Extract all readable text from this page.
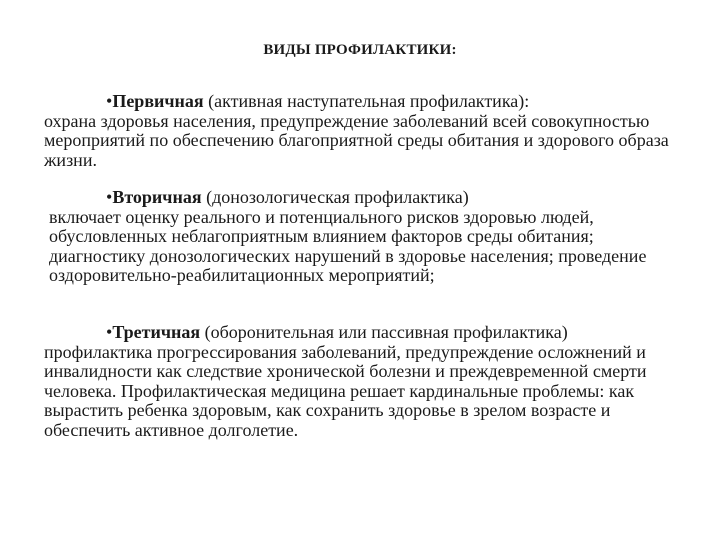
ВИДЫ ПРОФИЛАКТИКИ:
•Первичная (активная наступательная профилактика):

охрана здоровья населения, предупреждение заболеваний всей совокупностью мероприятий по обеспечению благоприятной среды обитания и здорового образа жизни.

•Вторичная (донозологическая профилактика)

включает оценку реального и потенциального рисков здоровью людей, обусловленных неблагоприятным влиянием факторов среды обитания; диагностику донозологических нарушений в здоровье населения; проведение оздоровительно-реабилитационных мероприятий;

•Третичная (оборонительная или пассивная профилактика)

профилактика прогрессирования заболеваний, предупреждение осложнений и инвалидности как следствие хронической болезни и преждевременной смерти человека. Профилактическая медицина решает кардинальные проблемы: как вырастить ребенка здоровым, как сохранить здоровье в зрелом возрасте и обеспечить активное долголетие.
